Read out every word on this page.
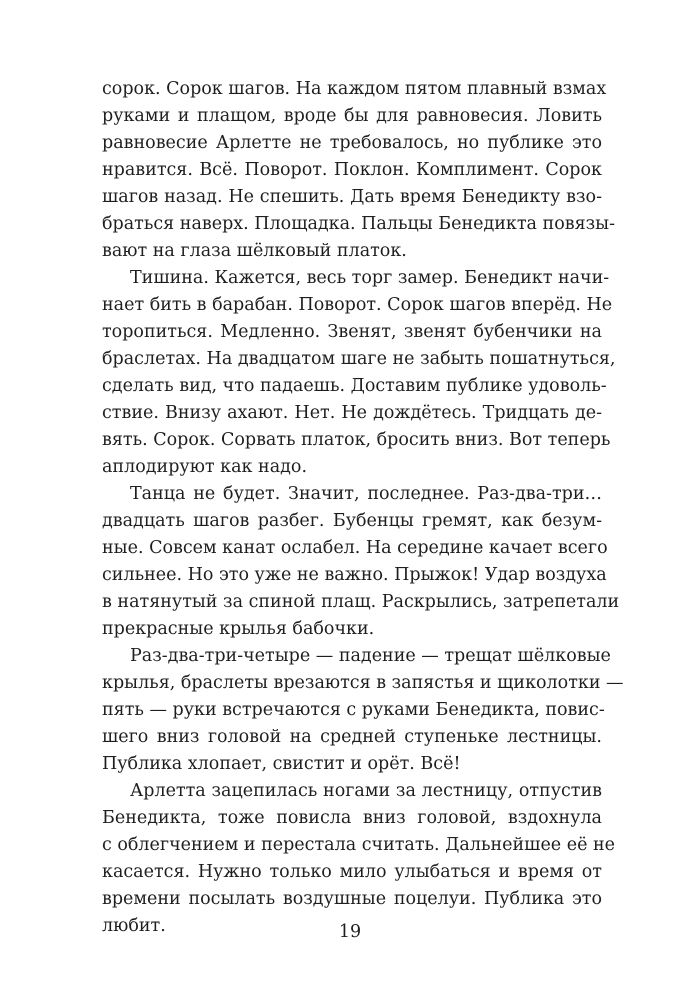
сорок. Сорок шагов. На каждом пятом плавный взмах
руками и плащом, вроде бы для равновесия. Ловить
равновесие Арлетте не требовалось, но публике это
нравится. Всё. Поворот. Поклон. Комплимент. Сорок
шагов назад. Не спешить. Дать время Бенедикту взо-
браться наверх. Площадка. Пальцы Бенедикта повязы-
вают на глаза шёлковый платок.
Тишина. Кажется, весь торг замер. Бенедикт начи-
нает бить в барабан. Поворот. Сорок шагов вперёд. Не
торопиться. Медленно. Звенят, звенят бубенчики на
браслетах. На двадцатом шаге не забыть пошатнуться,
сделать вид, что падаешь. Доставим публике удоволь-
ствие. Внизу ахают. Нет. Не дождётесь. Тридцать де-
вять. Сорок. Сорвать платок, бросить вниз. Вот теперь
аплодируют как надо.
Танца не будет. Значит, последнее. Раз-два-три…
двадцать шагов разбег. Бубенцы гремят, как безум-
ные. Совсем канат ослабел. На середине качает всего
сильнее. Но это уже не важно. Прыжок! Удар воздуха
в натянутый за спиной плащ. Раскрылись, затрепетали
прекрасные крылья бабочки.
Раз-два-три-четыре — падение — трещат шёлковые
крылья, браслеты врезаются в запястья и щиколотки —
пять — руки встречаются с руками Бенедикта, повис-
шего вниз головой на средней ступеньке лестницы.
Публика хлопает, свистит и орёт. Всё!
Арлетта зацепилась ногами за лестницу, отпустив
Бенедикта, тоже повисла вниз головой, вздохнула
с облегчением и перестала считать. Дальнейшее её не
касается. Нужно только мило улыбаться и время от
времени посылать воздушные поцелуи. Публика это
любит.	19
